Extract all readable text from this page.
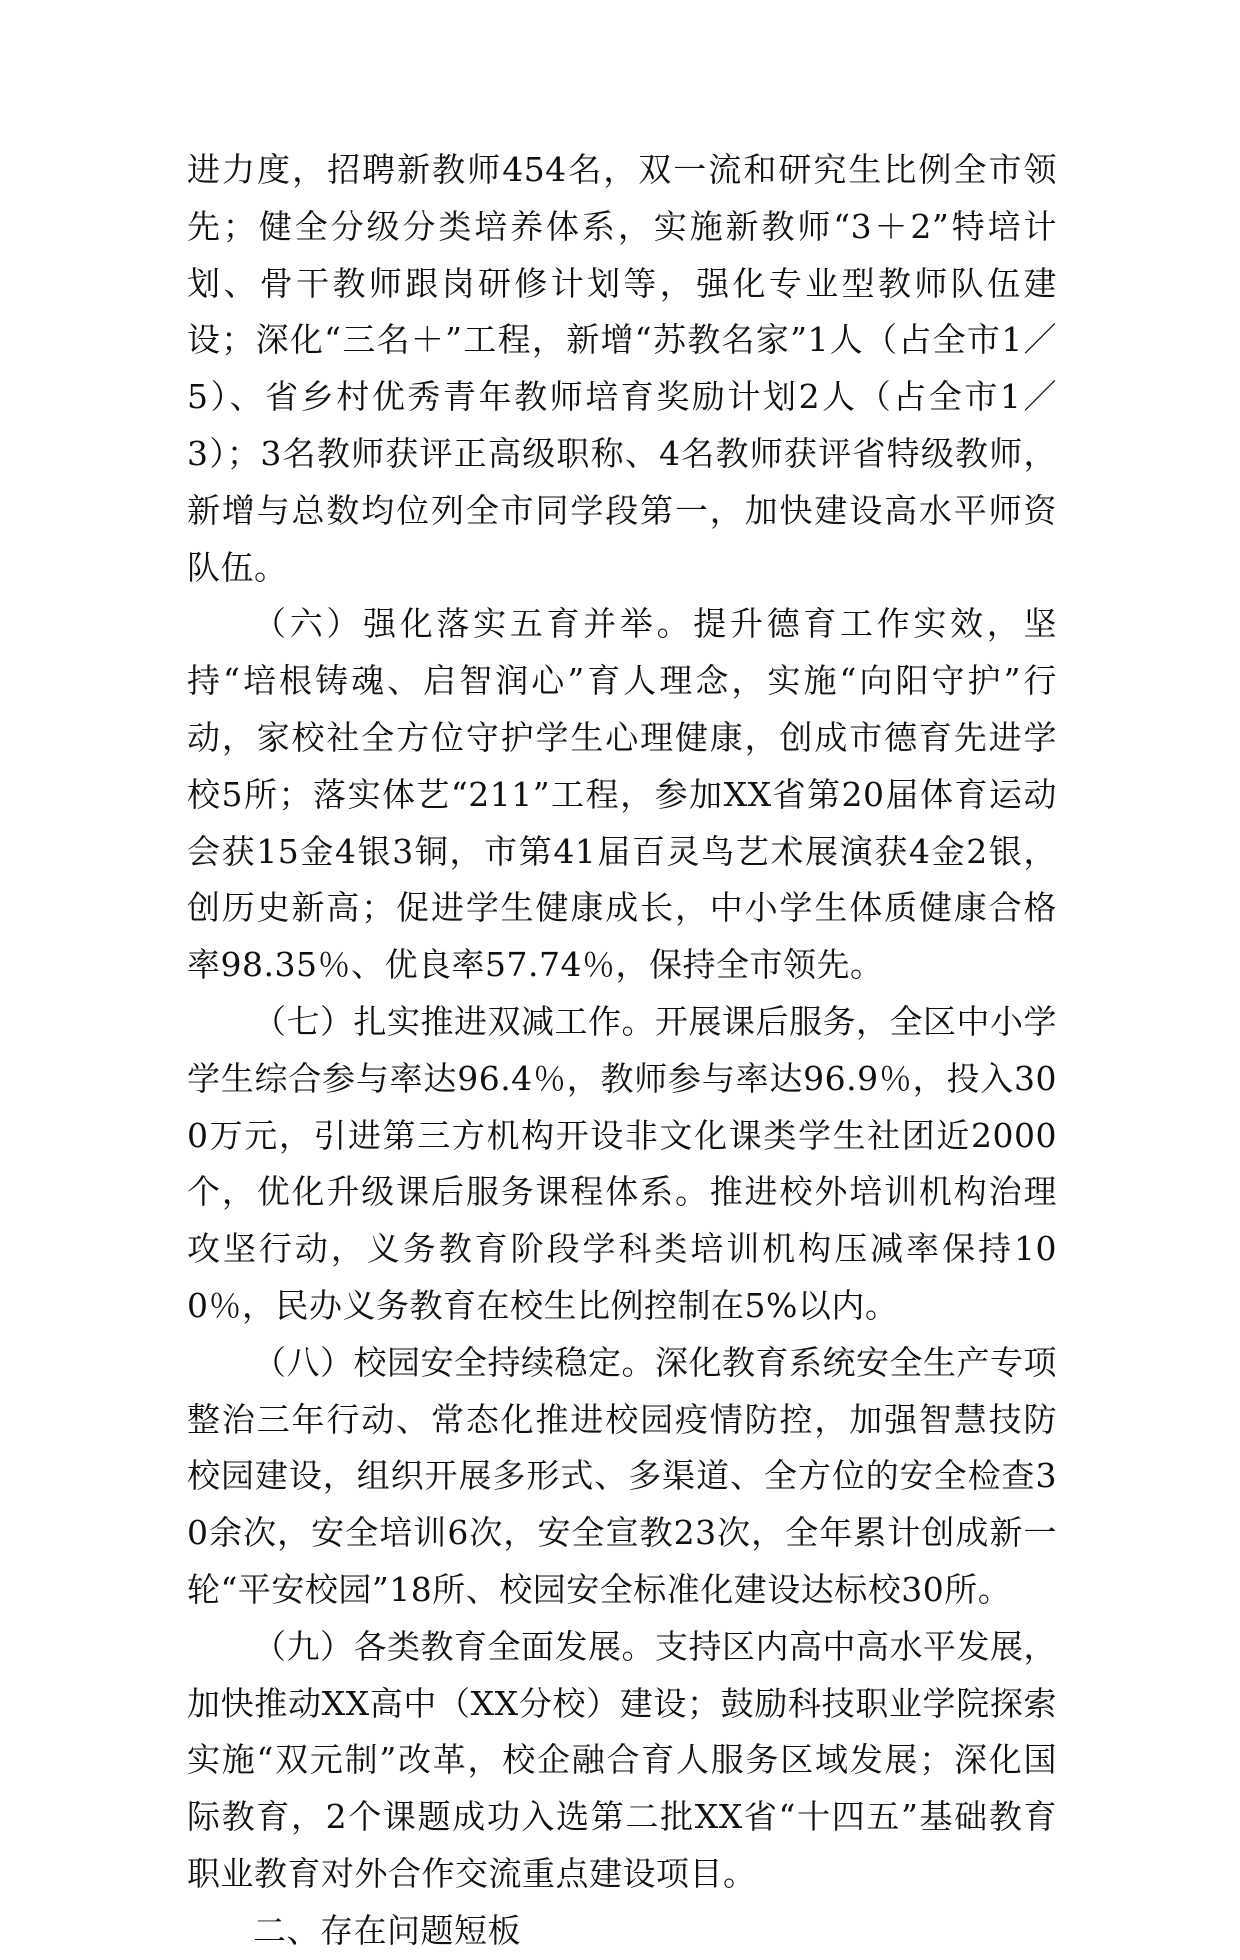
进力度，招聘新教师454名，双一流和研究生比例全市领先；健全分级分类培养体系，实施新教师“3＋2”特培计划、骨干教师跟岗研修计划等，强化专业型教师队伍建设；深化“三名＋”工程，新增“苏教名家”1人（占全市1／5）、省乡村优秀青年教师培育奖励计划2人（占全市1／3）；3名教师获评正高级职称、4名教师获评省特级教师，新增与总数均位列全市同学段第一，加快建设高水平师资队伍。

（六）强化落实五育并举。提升德育工作实效，坚持“培根铸魂、启智润心”育人理念，实施“向阳守护”行动，家校社全方位守护学生心理健康，创成市德育先进学校5所；落实体艺“211”工程，参加XX省第20届体育运动会获15金4银3铜，市第41届百灵鸟艺术展演获4金2银，创历史新高；促进学生健康成长，中小学生体质健康合格率98.35％、优良率57.74％，保持全市领先。

（七）扎实推进双减工作。开展课后服务，全区中小学学生综合参与率达96.4％，教师参与率达96.9％，投入300万元，引进第三方机构开设非文化课类学生社团近2000个，优化升级课后服务课程体系。推进校外培训机构治理攻坚行动，义务教育阶段学科类培训机构压减率保持100％，民办义务教育在校生比例控制在5%以内。

（八）校园安全持续稳定。深化教育系统安全生产专项整治三年行动、常态化推进校园疫情防控，加强智慧技防校园建设，组织开展多形式、多渠道、全方位的安全检查30余次，安全培训6次，安全宣教23次，全年累计创成新一轮“平安校园”18所、校园安全标准化建设达标校30所。

（九）各类教育全面发展。支持区内高中高水平发展，加快推动XX高中（XX分校）建设；鼓励科技职业学院探索实施“双元制”改革，校企融合育人服务区域发展；深化国际教育，2个课题成功入选第二批XX省“十四五”基础教育职业教育对外合作交流重点建设项目。

二、存在问题短板
